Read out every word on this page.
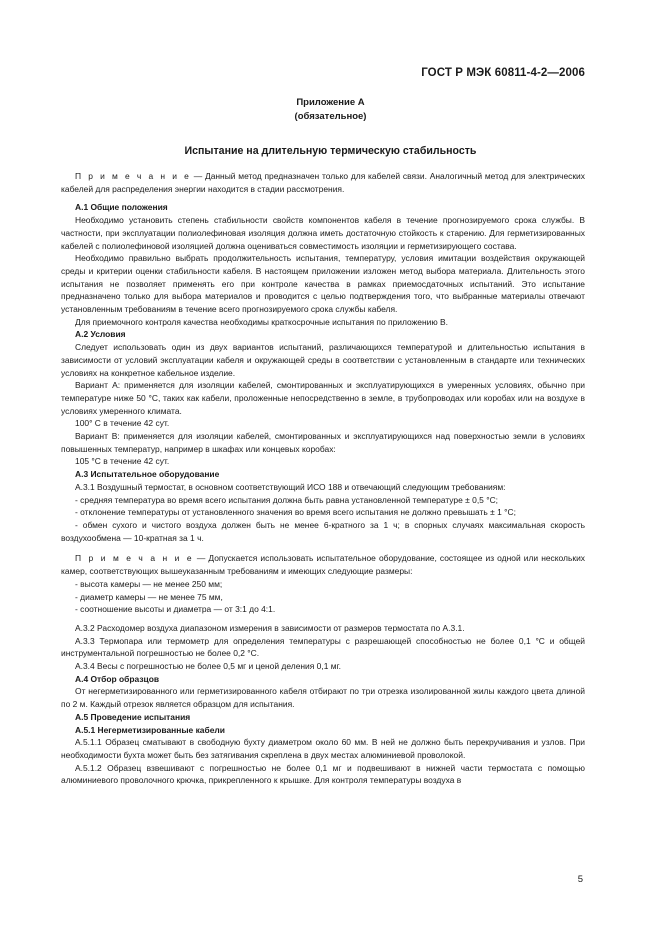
ГОСТ Р МЭК 60811-4-2—2006
Приложение А
(обязательное)
Испытание на длительную термическую стабильность

П р и м е ч а н и е — Данный метод предназначен только для кабелей связи. Аналогичный метод для электрических кабелей для распределения энергии находится в стадии рассмотрения.

А.1 Общие положения

Необходимо установить степень стабильности свойств компонентов кабеля в течение прогнозируемого срока службы. В частности, при эксплуатации полиолефиновая изоляция должна иметь достаточную стойкость к старению. Для герметизированных кабелей с полиолефиновой изоляцией должна оцениваться совместимость изоляции и герметизирующего состава.

Необходимо правильно выбрать продолжительность испытания, температуру, условия имитации воздействия окружающей среды и критерии оценки стабильности кабеля. В настоящем приложении изложен метод выбора материала. Длительность этого испытания не позволяет применять его при контроле качества в рамках приемосдаточных испытаний. Это испытание предназначено только для выбора материалов и проводится с целью подтверждения того, что выбранные материалы отвечают установленным требованиям в течение всего прогнозируемого срока службы кабеля.

Для приемочного контроля качества необходимы краткосрочные испытания по приложению В.

А.2 Условия

Следует использовать один из двух вариантов испытаний, различающихся температурой и длительностью испытания в зависимости от условий эксплуатации кабеля и окружающей среды в соответствии с установленным в стандарте или технических условиях на конкретное кабельное изделие.

Вариант А: применяется для изоляции кабелей, смонтированных и эксплуатирующихся в умеренных условиях, обычно при температуре ниже 50 °С, таких как кабели, проложенные непосредственно в земле, в трубопроводах или коробах или на воздухе в условиях умеренного климата.

100° С в течение 42 сут.

Вариант В: применяется для изоляции кабелей, смонтированных и эксплуатирующихся над поверхностью земли в условиях повышенных температур, например в шкафах или концевых коробах:

105 °С в течение 42 сут.

А.3 Испытательное оборудование

А.3.1 Воздушный термостат, в основном соответствующий ИСО 188 и отвечающий следующим требованиям:

- средняя температура во время всего испытания должна быть равна установленной температуре ± 0,5 °С;

- отклонение температуры от установленного значения во время всего испытания не должно превышать ± 1 °С;

- обмен сухого и чистого воздуха должен быть не менее 6-кратного за 1 ч; в спорных случаях максимальная скорость воздухообмена — 10-кратная за 1 ч.

П р и м е ч а н и е — Допускается использовать испытательное оборудование, состоящее из одной или нескольких камер, соответствующих вышеуказанным требованиям и имеющих следующие размеры:

- высота камеры — не менее 250 мм;

- диаметр камеры — не менее 75 мм,

- соотношение высоты и диаметра — от 3:1 до 4:1.

А.3.2 Расходомер воздуха диапазоном измерения в зависимости от размеров термостата по А.3.1.

А.3.3 Термопара или термометр для определения температуры с разрешающей способностью не более 0,1 °С и общей инструментальной погрешностью не более 0,2 °С.

А.3.4 Весы с погрешностью не более 0,5 мг и ценой деления 0,1 мг.

А.4 Отбор образцов

От негерметизированного или герметизированного кабеля отбирают по три отрезка изолированной жилы каждого цвета длиной по 2 м. Каждый отрезок является образцом для испытания.

А.5 Проведение испытания

А.5.1 Негерметизированные кабели

А.5.1.1 Образец сматывают в свободную бухту диаметром около 60 мм. В ней не должно быть перекручивания и узлов. При необходимости бухта может быть без затягивания скреплена в двух местах алюминиевой проволокой.

А.5.1.2 Образец взвешивают с погрешностью не более 0,1 мг и подвешивают в нижней части термостата с помощью алюминиевого проволочного крючка, прикрепленного к крышке. Для контроля температуры воздуха в

5
